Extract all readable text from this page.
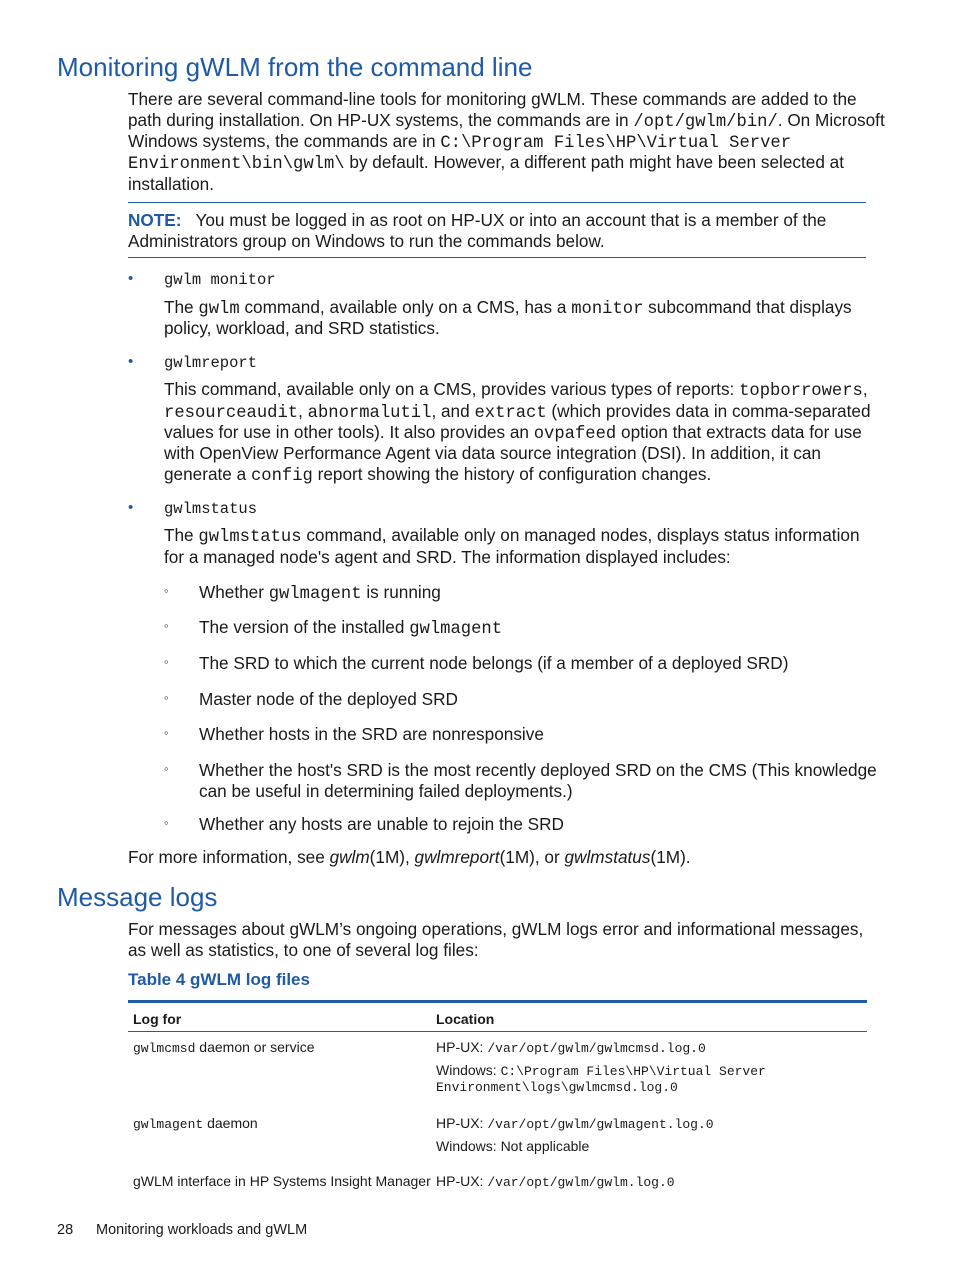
Monitoring gWLM from the command line

There are several command-line tools for monitoring gWLM. These commands are added to the

path during installation. On HP-UX systems, the commands are in /opt/gwlm/bin/. On Microsoft

Windows systems, the commands are in C:\Program Files\HP\Virtual Server

Environment\bin\gwlm\ by default. However, a different path might have been selected at

installation.

NOTE: You must be logged in as root on HP-UX or into an account that is a member of the

Administrators group on Windows to run the commands below.

• gwlm monitor

The gwlm command, available only on a CMS, has a monitor subcommand that displays

policy, workload, and SRD statistics.

• gwlmreport

This command, available only on a CMS, provides various types of reports: topborrowers,

resourceaudit, abnormalutil, and extract (which provides data in comma-separated

values for use in other tools). It also provides an ovpafeed option that extracts data for use

with OpenView Performance Agent via data source integration (DSI). In addition, it can

generate a config report showing the history of configuration changes.

• gwlmstatus

The gwlmstatus command, available only on managed nodes, displays status information

for a managed node's agent and SRD. The information displayed includes:

◦ Whether gwlmagent is running

◦ The version of the installed gwlmagent

◦ The SRD to which the current node belongs (if a member of a deployed SRD)

◦ Master node of the deployed SRD

◦ Whether hosts in the SRD are nonresponsive

◦ Whether the host's SRD is the most recently deployed SRD on the CMS (This knowledge

can be useful in determining failed deployments.)

◦ Whether any hosts are unable to rejoin the SRD

For more information, see gwlm(1M), gwlmreport(1M), or gwlmstatus(1M).

Message logs

For messages about gWLM’s ongoing operations, gWLM logs error and informational messages,

as well as statistics, to one of several log files:

Table 4 gWLM log files

Log for	Location
gwlmcmsd daemon or service	HP-UX: /var/opt/gwlm/gwlmcmsd.log.0
Windows: C:\Program Files\HP\Virtual Server
Environment\logs\gwlmcmsd.log.0
gwlmagent daemon	HP-UX: /var/opt/gwlm/gwlmagent.log.0
Windows: Not applicable
gWLM interface in HP Systems Insight Manager HP-UX: /var/opt/gwlm/gwlm.log.0
28 Monitoring workloads and gWLM
